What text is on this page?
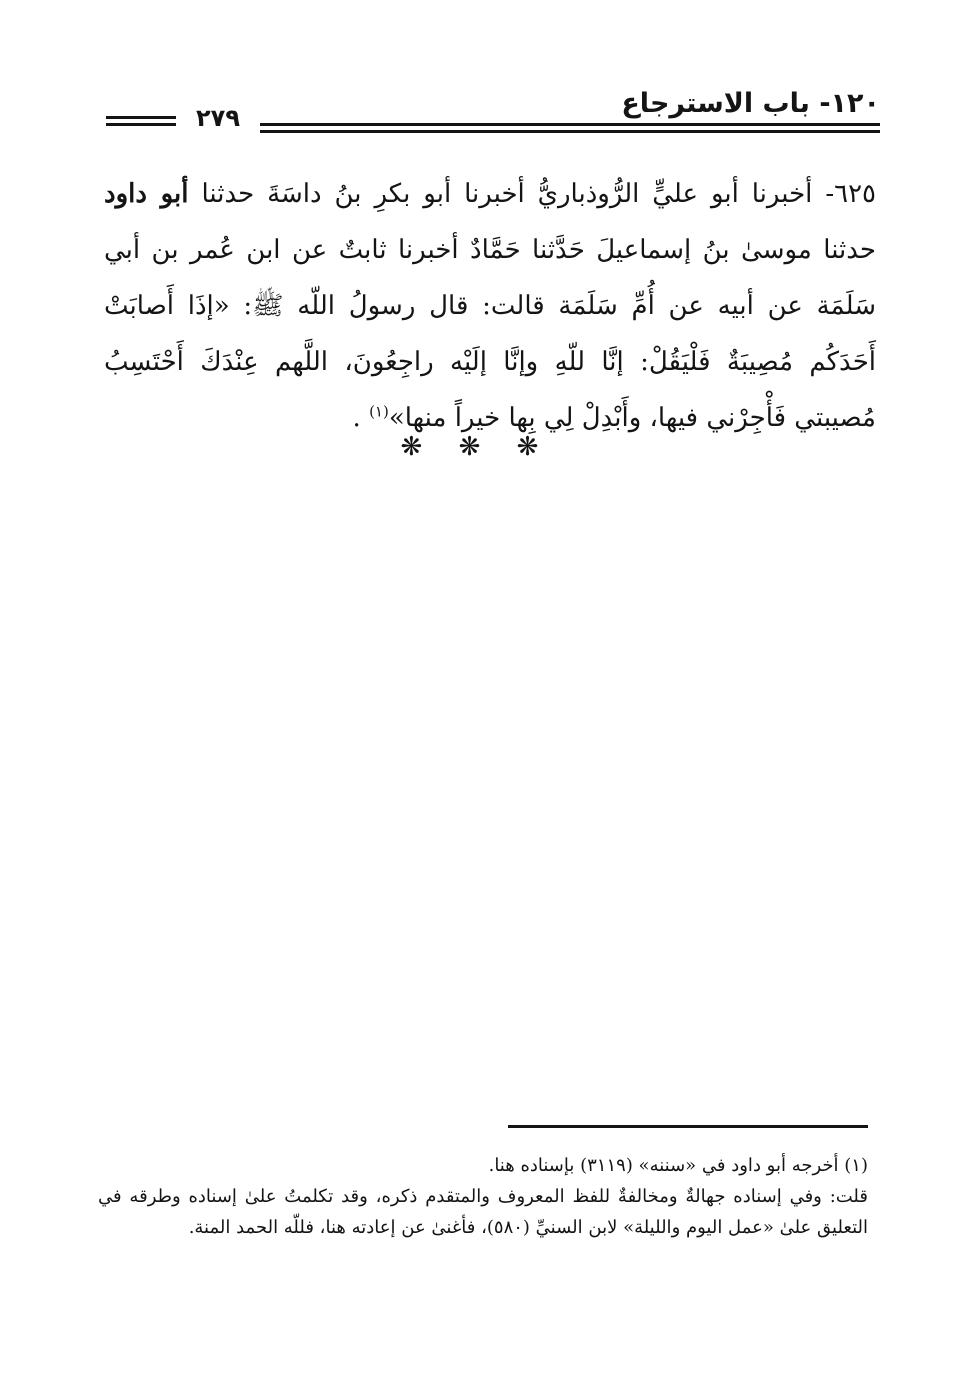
١٢٠- باب الاسترجاع
٢٧٩
٦٢٥- أخبرنا أبو عليٍّ الرُّوذباريُّ أخبرنا أبو بكرِ بنُ داسَةَ حدثنا أبو داود حدثنا موسىٰ بنُ إسماعيلَ حَدَّثنا حَمَّادٌ أخبرنا ثابتٌ عن ابن عُمر بن أبي سَلَمَة عن أبيه عن أُمِّ سَلَمَة قالت: قال رسولُ اللّه ﷺ: «إذَا أَصابَتْ أَحَدَكُم مُصِيبَةٌ فَلْيَقُلْ: إنَّا للّهِ وإنَّا إلَيْه راجِعُونَ، اللَّهم عِنْدَكَ أَحْتَسِبُ مُصيبتي فَأْجِرْني فيها، وأَبْدِلْ لِي بِها خيراً منها»$^{(١)}$ .
❋ ❋ ❋

(١) أخرجه أبو داود في «سننه» (٣١١٩) بإسناده هنا.

قلت: وفي إسناده جهالةٌ ومخالفةٌ للفظ المعروف والمتقدم ذكره، وقد تكلمتُ علىٰ إسناده وطرقه في التعليق علىٰ «عمل اليوم والليلة» لابن السنيِّ (٥٨٠)، فأغنىٰ عن إعادته هنا، فللّه الحمد المنة.
